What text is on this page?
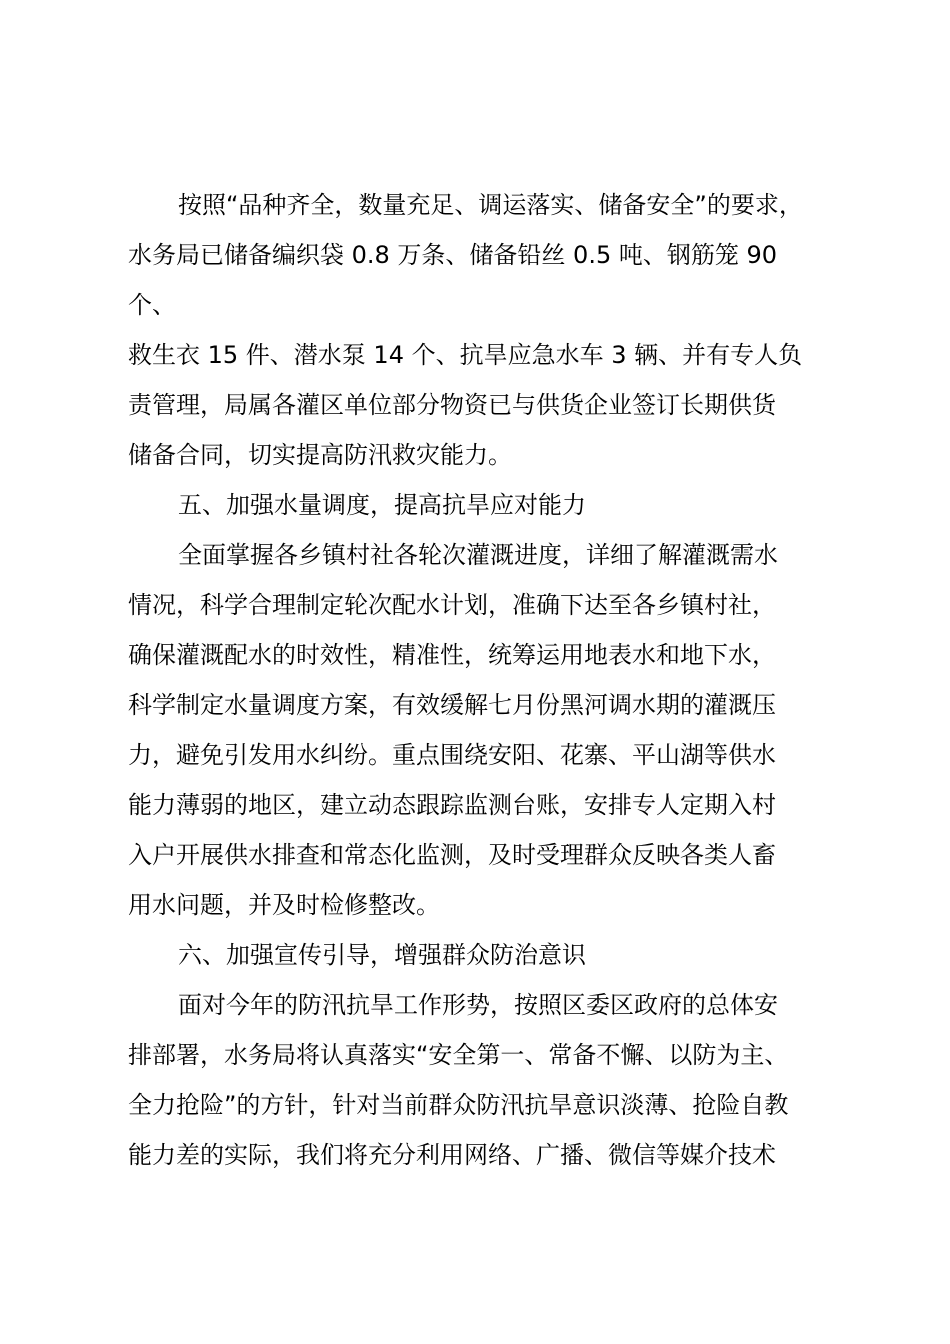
按照“品种齐全，数量充足、调运落实、储备安全”的要求，
水务局已储备编织袋 0.8 万条、储备铅丝 0.5 吨、钢筋笼 90
个、
救生衣 15 件、潜水泵 14 个、抗旱应急水车 3 辆、并有专人负
责管理，局属各灌区单位部分物资已与供货企业签订长期供货
储备合同，切实提高防汛救灾能力。
五、加强水量调度，提高抗旱应对能力
全面掌握各乡镇村社各轮次灌溉进度，详细了解灌溉需水
情况，科学合理制定轮次配水计划，准确下达至各乡镇村社，
确保灌溉配水的时效性，精准性，统筹运用地表水和地下水，
科学制定水量调度方案，有效缓解七月份黑河调水期的灌溉压
力，避免引发用水纠纷。重点围绕安阳、花寨、平山湖等供水
能力薄弱的地区，建立动态跟踪监测台账，安排专人定期入村
入户开展供水排查和常态化监测，及时受理群众反映各类人畜
用水问题，并及时检修整改。
六、加强宣传引导，增强群众防治意识
面对今年的防汛抗旱工作形势，按照区委区政府的总体安
排部署，水务局将认真落实“安全第一、常备不懈、以防为主、
全力抢险”的方针，针对当前群众防汛抗旱意识淡薄、抢险自教
能力差的实际，我们将充分利用网络、广播、微信等媒介技术
